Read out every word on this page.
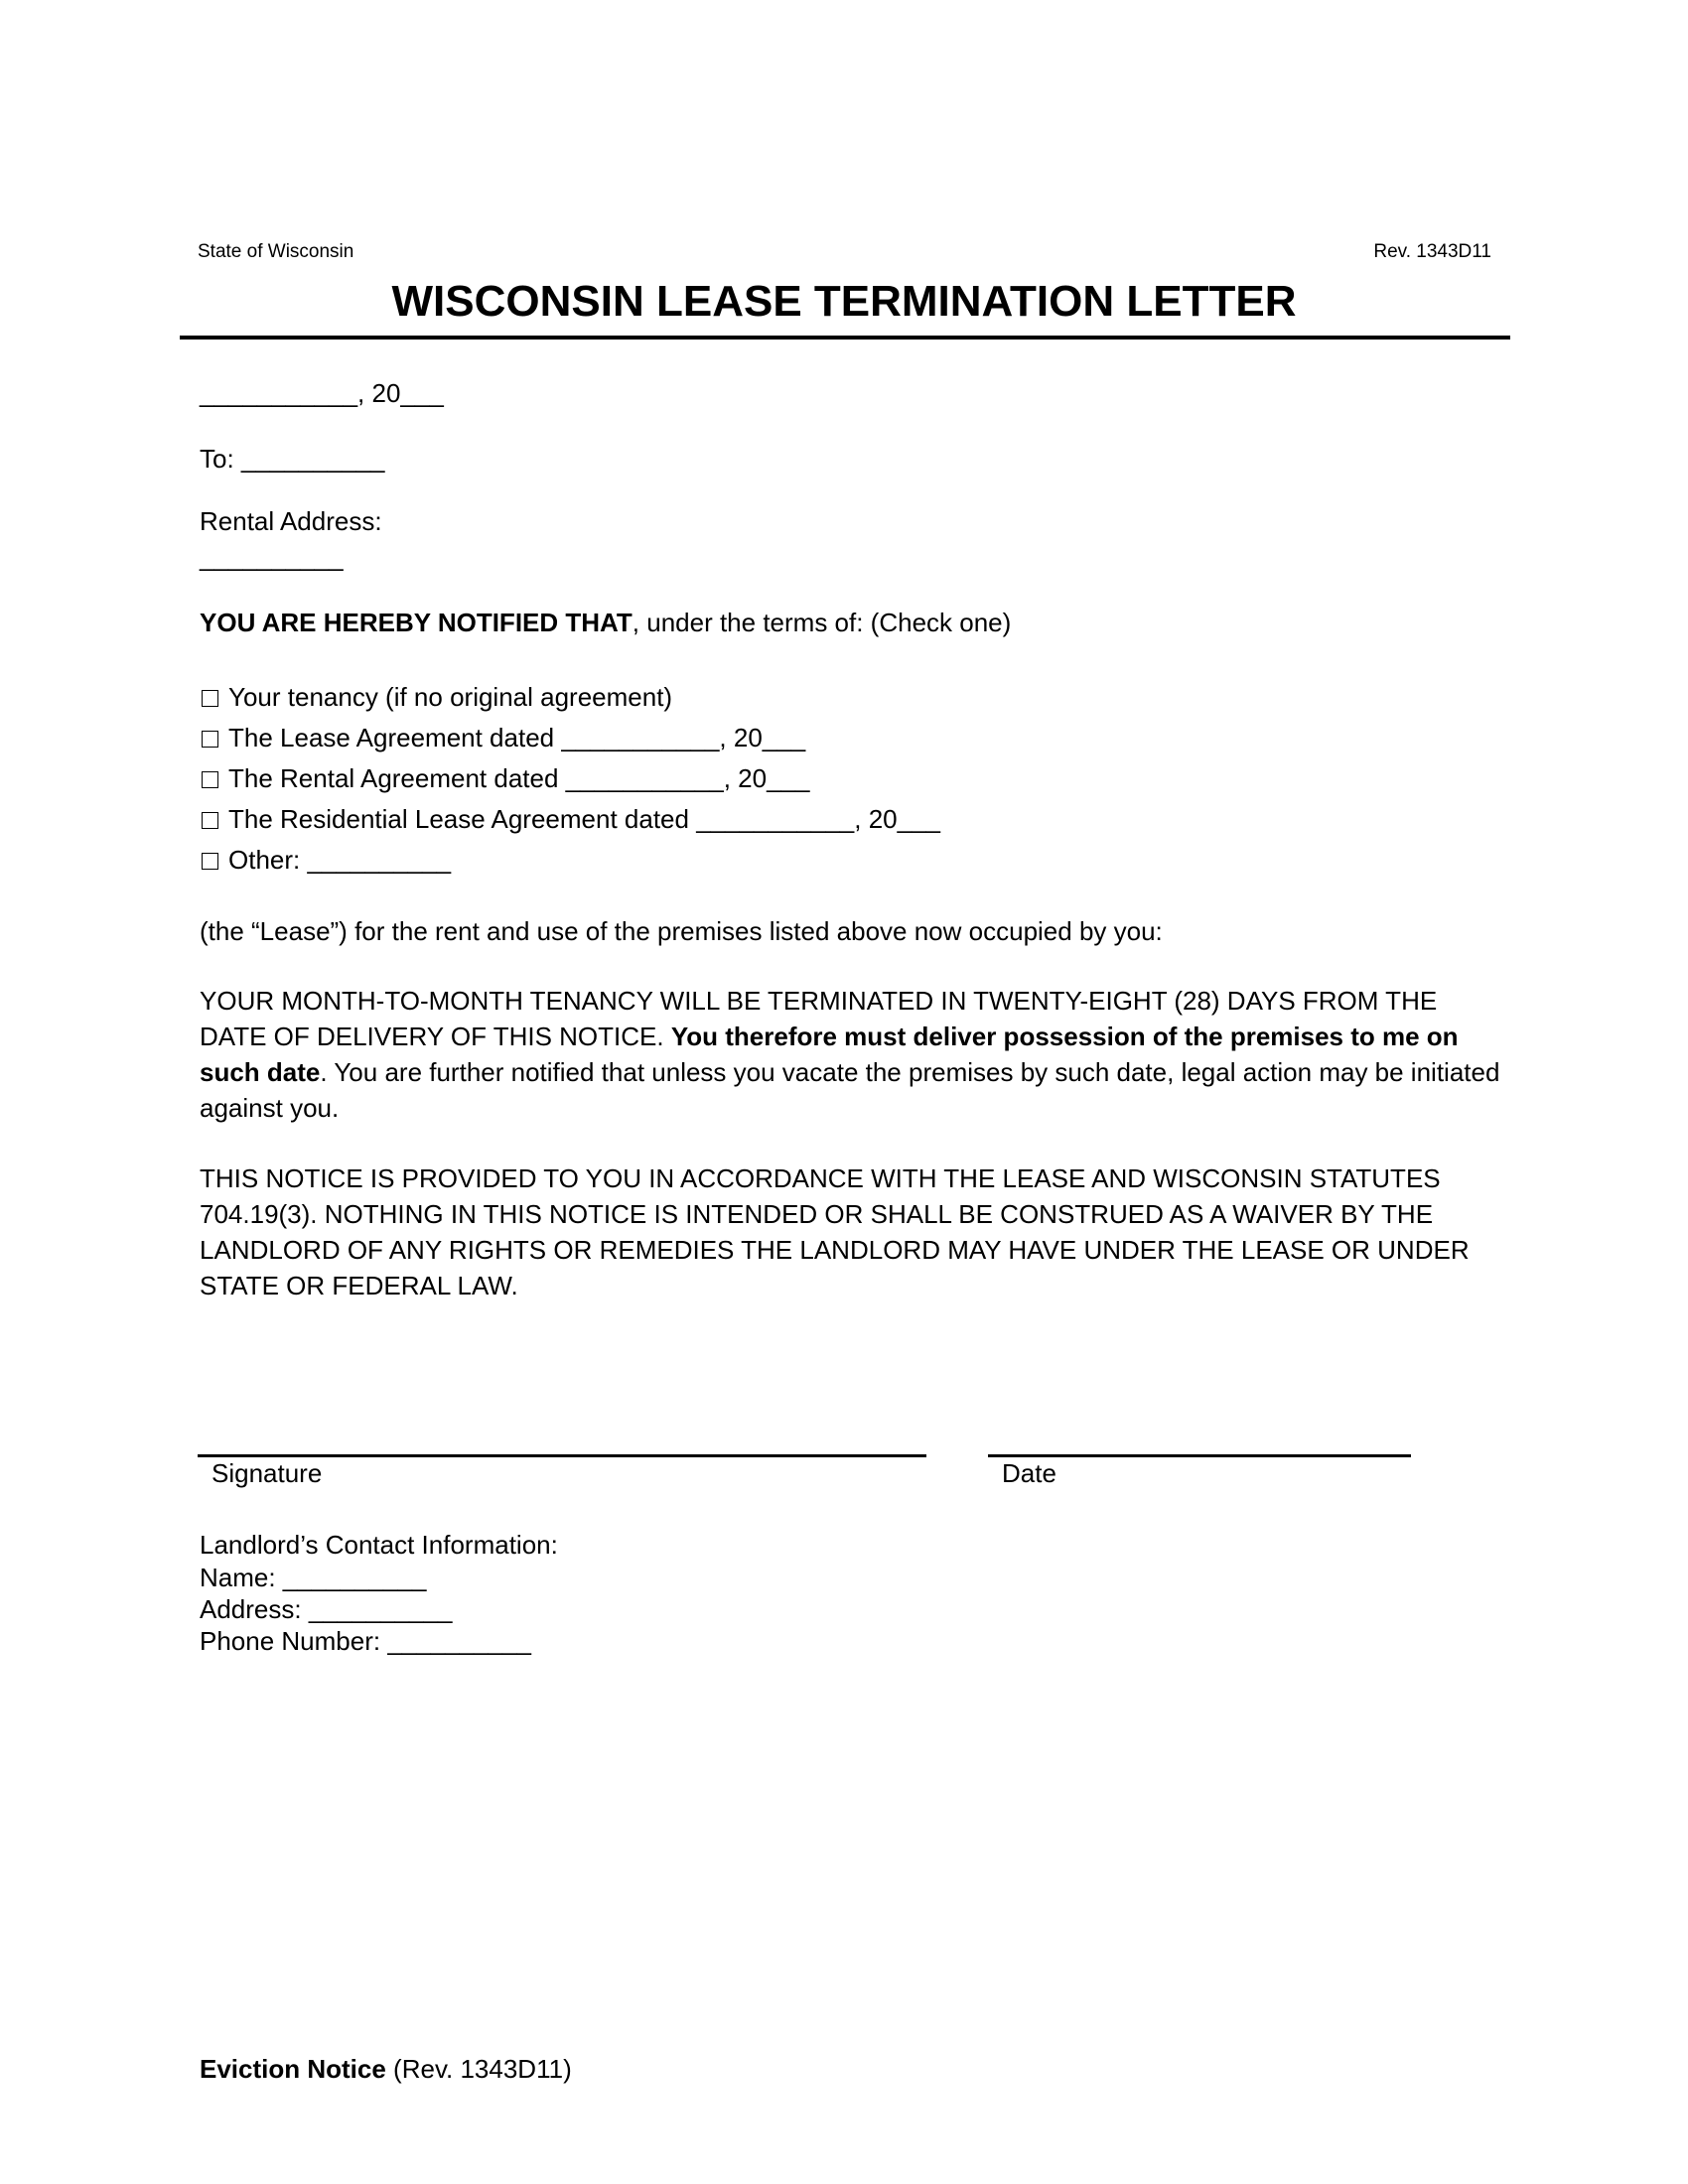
State of Wisconsin	Rev. 1343D11
WISCONSIN LEASE TERMINATION LETTER
___________, 20___
To: __________
Rental Address:
__________
YOU ARE HEREBY NOTIFIED THAT, under the terms of: (Check one)
Your tenancy (if no original agreement)
The Lease Agreement dated ___________, 20___
The Rental Agreement dated ___________, 20___
The Residential Lease Agreement dated ___________, 20___
Other: __________
(the “Lease”) for the rent and use of the premises listed above now occupied by you:
YOUR MONTH-TO-MONTH TENANCY WILL BE TERMINATED IN TWENTY-EIGHT (28) DAYS FROM THE DATE OF DELIVERY OF THIS NOTICE. You therefore must deliver possession of the premises to me on such date. You are further notified that unless you vacate the premises by such date, legal action may be initiated against you.
THIS NOTICE IS PROVIDED TO YOU IN ACCORDANCE WITH THE LEASE AND WISCONSIN STATUTES 704.19(3). NOTHING IN THIS NOTICE IS INTENDED OR SHALL BE CONSTRUED AS A WAIVER BY THE LANDLORD OF ANY RIGHTS OR REMEDIES THE LANDLORD MAY HAVE UNDER THE LEASE OR UNDER STATE OR FEDERAL LAW.
Signature	Date
Landlord’s Contact Information:
Name: __________
Address: __________
Phone Number: __________
Eviction Notice (Rev. 1343D11)
